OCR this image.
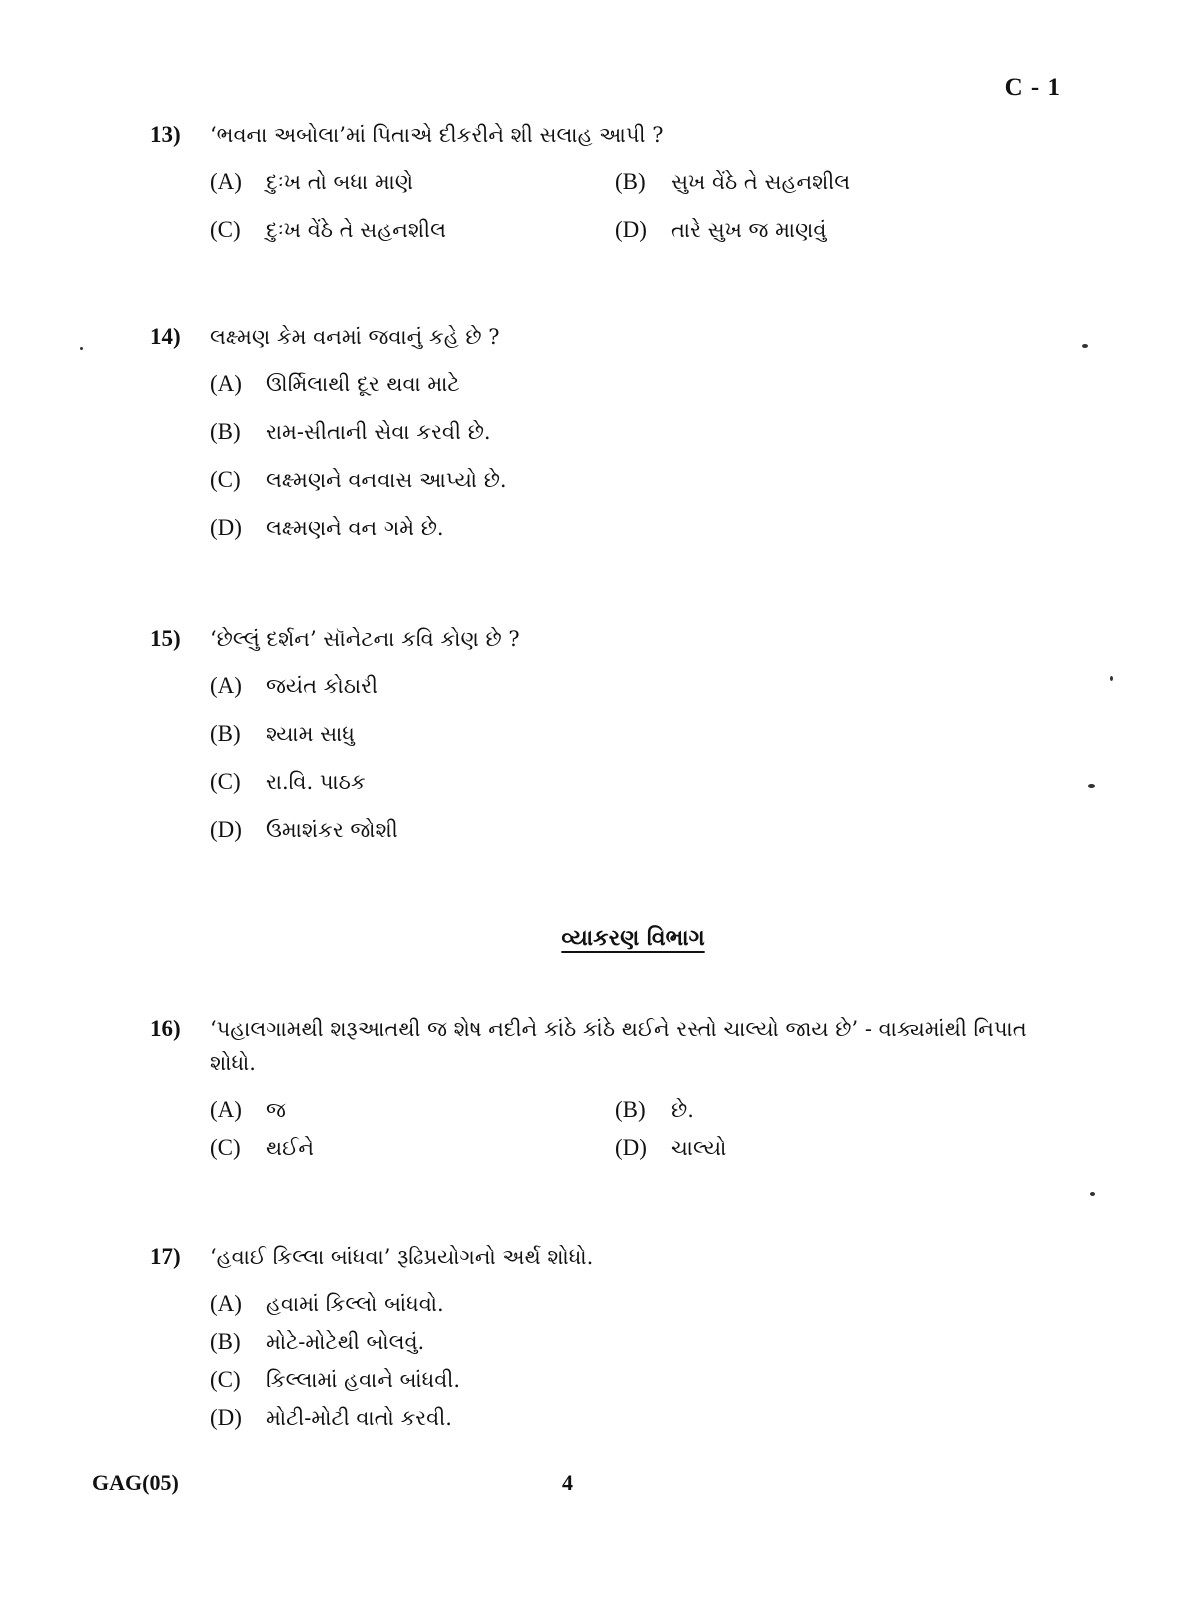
C - 1
13)	‘ભવના અબોલા’માં પિતાએ દીકરીને શી સલાહ આપી ?
(A)	દુઃખ તો બધા માણે	(B)	સુખ વેંઠે તે સહનશીલ
(C)	દુઃખ વેંઠે તે સહનશીલ	(D)	તારે સુખ જ માણવું
14)	લક્ષ્મણ કેમ વનમાં જવાનું કહે છે ?
(A)	ઊર્મિલાથી દૂર થવા માટે
(B)	રામ-સીતાની સેવા કરવી છે.
(C)	લક્ષ્મણને વનવાસ આપ્યો છે.
(D)	લક્ષ્મણને વન ગમે છે.
15)	‘છેલ્લું દર્શન’ સૉનેટના કવિ કોણ છે ?
(A)	જયંત કોઠારી
(B)	શ્યામ સાધુ
(C)	રા.વિ. પાઠક
(D)	ઉમાશંકર જોશી
વ્યાકરણ વિભાગ
16)	‘પહાલગામથી શરૂઆતથી જ શેષ નદીને કાંઠે કાંઠે થઈને રસ્તો ચાલ્યો જાય છે’ - વાક્યમાંથી નિપાત શોધો.
(A)	જ	(B)	છે.
(C)	થઈને	(D)	ચાલ્યો
17)	‘હવાઈ કિલ્લા બાંધવા’ રૂઢિપ્રયોગનો અર્થ શોધો.
(A)	હવામાં કિલ્લો બાંધવો.
(B)	મોટે-મોટેથી બોલવું.
(C)	કિલ્લામાં હવાને બાંધવી.
(D)	મોટી-મોટી વાતો કરવી.
GAG(05)	4
